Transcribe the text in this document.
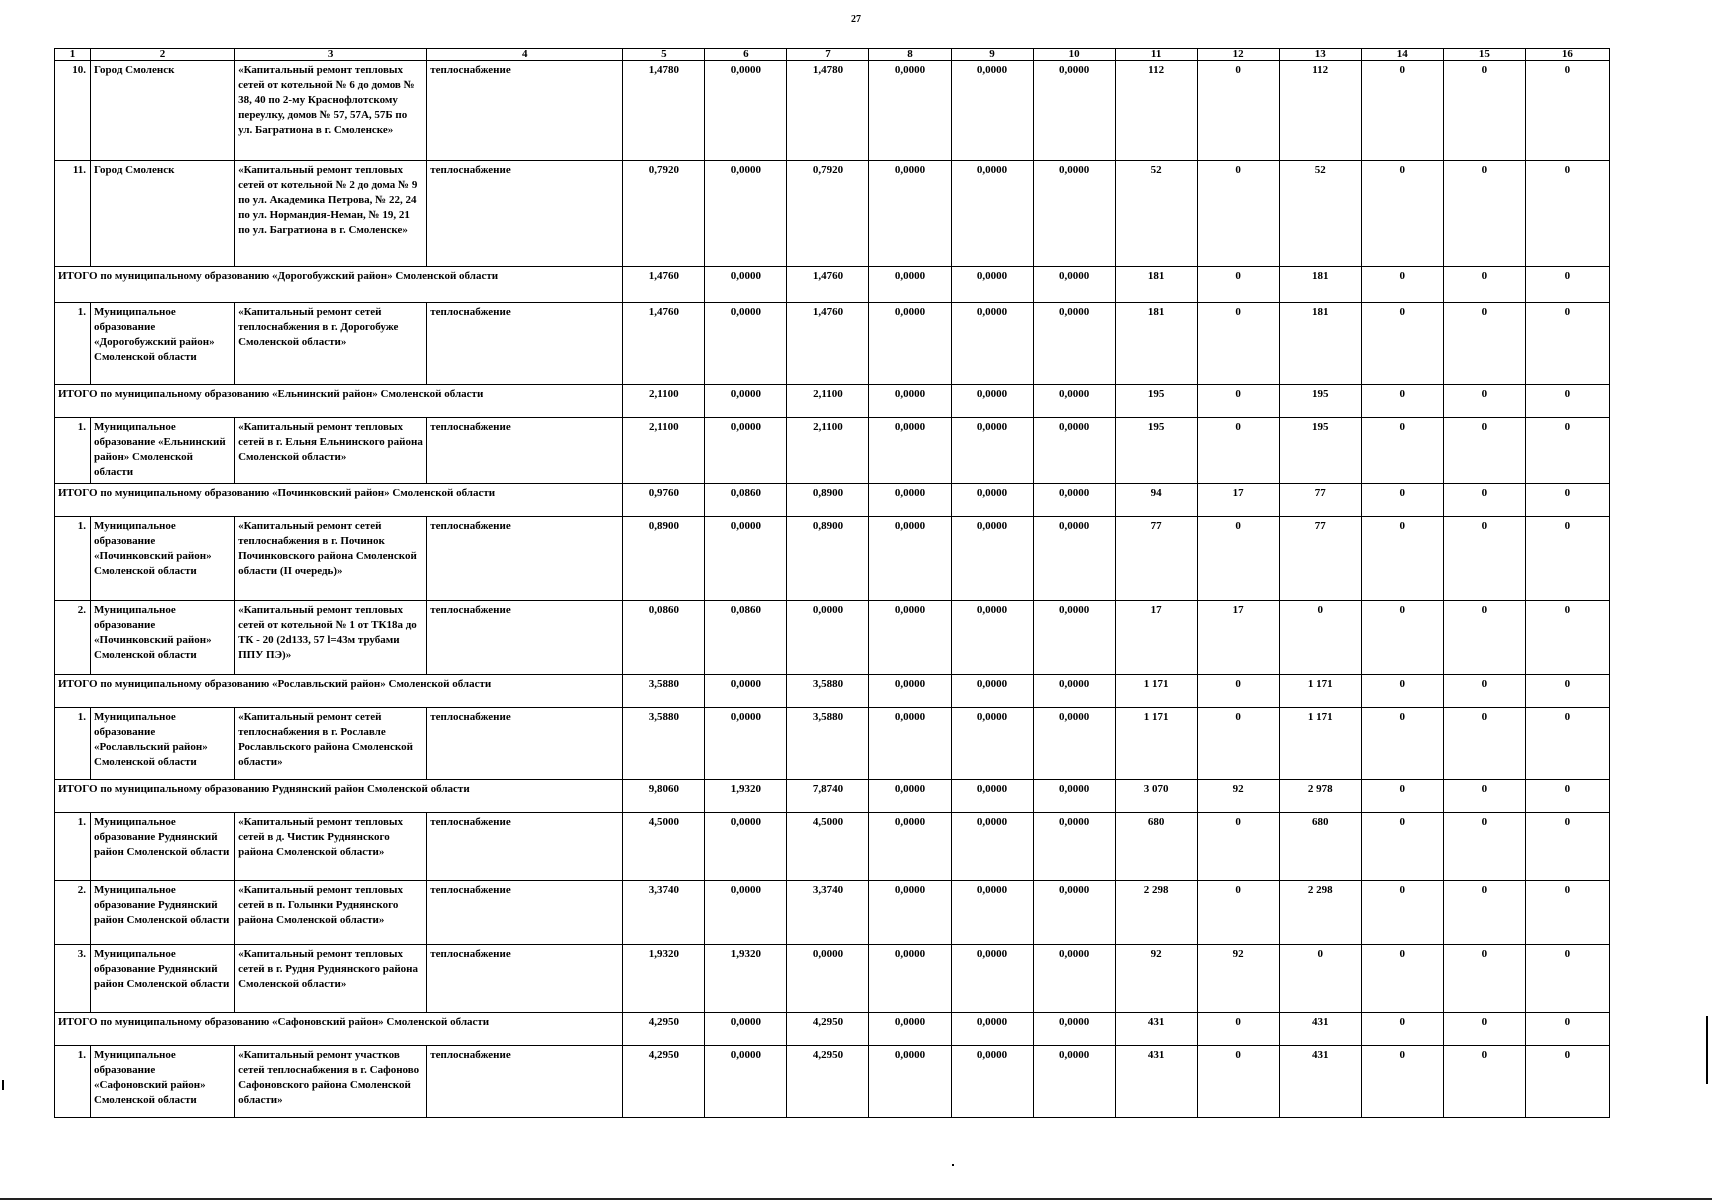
27
1	2	3	4	5	6	7	8	9	10	11	12	13	14	15	16
10.	Город Смоленск	«Капитальный ремонт тепловых сетей от котельной № 6 до домов № 38, 40 по 2-му Краснофлотскому переулку, домов № 57, 57А, 57Б по ул. Багратиона в г. Смоленске»	теплоснабжение	1,4780	0,0000	1,4780	0,0000	0,0000	0,0000	112	0	112	0	0	0
11.	Город Смоленск	«Капитальный ремонт тепловых сетей от котельной № 2 до дома № 9 по ул. Академика Петрова, № 22, 24 по ул. Нормандия-Неман, № 19, 21 по ул. Багратиона в г. Смоленске»	теплоснабжение	0,7920	0,0000	0,7920	0,0000	0,0000	0,0000	52	0	52	0	0	0
ИТОГО по муниципальному образованию «Дорогобужский район» Смоленской области				1,4760	0,0000	1,4760	0,0000	0,0000	0,0000	181	0	181	0	0	0
1.	Муниципальное образование «Дорогобужский район» Смоленской области	«Капитальный ремонт сетей теплоснабжения в г. Дорогобуже Смоленской области»	теплоснабжение	1,4760	0,0000	1,4760	0,0000	0,0000	0,0000	181	0	181	0	0	0
ИТОГО по муниципальному образованию «Ельнинский район» Смоленской области				2,1100	0,0000	2,1100	0,0000	0,0000	0,0000	195	0	195	0	0	0
1.	Муниципальное образование «Ельнинский район» Смоленской области	«Капитальный ремонт тепловых сетей в г. Ельня Ельнинского района Смоленской области»	теплоснабжение	2,1100	0,0000	2,1100	0,0000	0,0000	0,0000	195	0	195	0	0	0
ИТОГО по муниципальному образованию «Починковский район» Смоленской области				0,9760	0,0860	0,8900	0,0000	0,0000	0,0000	94	17	77	0	0	0
1.	Муниципальное образование «Починковский район» Смоленской области	«Капитальный ремонт сетей теплоснабжения в г. Починок Починковского района Смоленской области (II очередь)»	теплоснабжение	0,8900	0,0000	0,8900	0,0000	0,0000	0,0000	77	0	77	0	0	0
2.	Муниципальное образование «Починковский район» Смоленской области	«Капитальный ремонт тепловых сетей от котельной № 1 от ТК18а до ТК - 20 (2d133, 57 l=43м трубами ППУ ПЭ)»	теплоснабжение	0,0860	0,0860	0,0000	0,0000	0,0000	0,0000	17	17	0	0	0	0
ИТОГО по муниципальному образованию «Рославльский район» Смоленской области				3,5880	0,0000	3,5880	0,0000	0,0000	0,0000	1 171	0	1 171	0	0	0
1.	Муниципальное образование «Рославльский район» Смоленской области	«Капитальный ремонт сетей теплоснабжения в г. Рославле Рославльского района Смоленской области»	теплоснабжение	3,5880	0,0000	3,5880	0,0000	0,0000	0,0000	1 171	0	1 171	0	0	0
ИТОГО по муниципальному образованию Руднянский район Смоленской области				9,8060	1,9320	7,8740	0,0000	0,0000	0,0000	3 070	92	2 978	0	0	0
1.	Муниципальное образование Руднянский район Смоленской области	«Капитальный ремонт тепловых сетей в д. Чистик Руднянского района Смоленской области»	теплоснабжение	4,5000	0,0000	4,5000	0,0000	0,0000	0,0000	680	0	680	0	0	0
2.	Муниципальное образование Руднянский район Смоленской области	«Капитальный ремонт тепловых сетей в п. Голынки Руднянского района Смоленской области»	теплоснабжение	3,3740	0,0000	3,3740	0,0000	0,0000	0,0000	2 298	0	2 298	0	0	0
3.	Муниципальное образование Руднянский район Смоленской области	«Капитальный ремонт тепловых сетей в г. Рудня Руднянского района Смоленской области»	теплоснабжение	1,9320	1,9320	0,0000	0,0000	0,0000	0,0000	92	92	0	0	0	0
ИТОГО по муниципальному образованию «Сафоновский район» Смоленской области				4,2950	0,0000	4,2950	0,0000	0,0000	0,0000	431	0	431	0	0	0
1.	Муниципальное образование «Сафоновский район» Смоленской области	«Капитальный ремонт участков сетей теплоснабжения в г. Сафоново Сафоновского района Смоленской области»	теплоснабжение	4,2950	0,0000	4,2950	0,0000	0,0000	0,0000	431	0	431	0	0	0
